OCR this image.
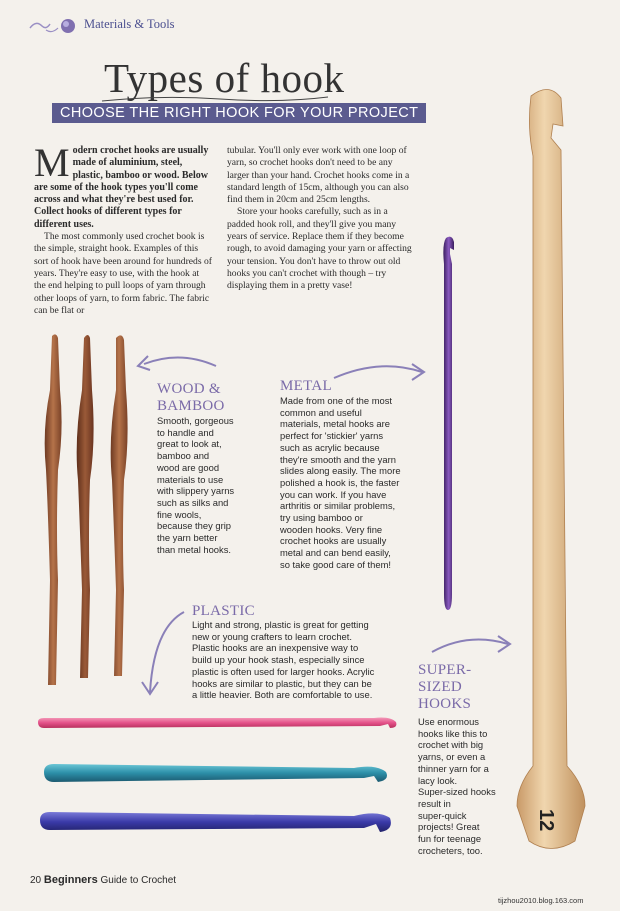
Materials & Tools
Types of hook
CHOOSE THE RIGHT HOOK FOR YOUR PROJECT

Modern crochet hooks are usually made of aluminium, steel, plastic, bamboo or wood. Below are some of the hook types you'll come across and what they're best used for. Collect hooks of different types for different uses.

The most commonly used crochet book is the simple, straight hook. Examples of this sort of hook have been around for hundreds of years. They're easy to use, with the hook at the end helping to pull loops of yarn through other loops of yarn, to form fabric. The fabric can be flat or

tubular. You'll only ever work with one loop of yarn, so crochet hooks don't need to be any larger than your hand. Crochet hooks come in a standard length of 15cm, although you can also find them in 20cm and 25cm lengths.

Store your hooks carefully, such as in a padded hook roll, and they'll give you many years of service. Replace them if they become rough, to avoid damaging your yarn or affecting your tension. You don't have to throw out old hooks you can't crochet with though – try displaying them in a pretty vase!

WOOD &
BAMBOO
Smooth, gorgeous
to handle and
great to look at,
bamboo and
wood are good
materials to use
with slippery yarns
such as silks and
fine wools,
because they grip
the yarn better
than metal hooks.
METAL
Made from one of the most
common and useful
materials, metal hooks are
perfect for 'stickier' yarns
such as acrylic because
they're smooth and the yarn
slides along easily. The more
polished a hook is, the faster
you can work. If you have
arthritis or similar problems,
try using bamboo or
wooden hooks. Very fine
crochet hooks are usually
metal and can bend easily,
so take good care of them!
12
PLASTIC
Light and strong, plastic is great for getting
new or young crafters to learn crochet.
Plastic hooks are an inexpensive way to
build up your hook stash, especially since
plastic is often used for larger hooks. Acrylic
hooks are similar to plastic, but they can be
a little heavier. Both are comfortable to use.
SUPER-
SIZED
HOOKS
Use enormous
hooks like this to
crochet with big
yarns, or even a
thinner yarn for a
lacy look.
Super-sized hooks
result in
super-quick
projects! Great
fun for teenage
crocheters, too.
20 Beginners Guide to Crochet
tijzhou2010.blog.163.com
